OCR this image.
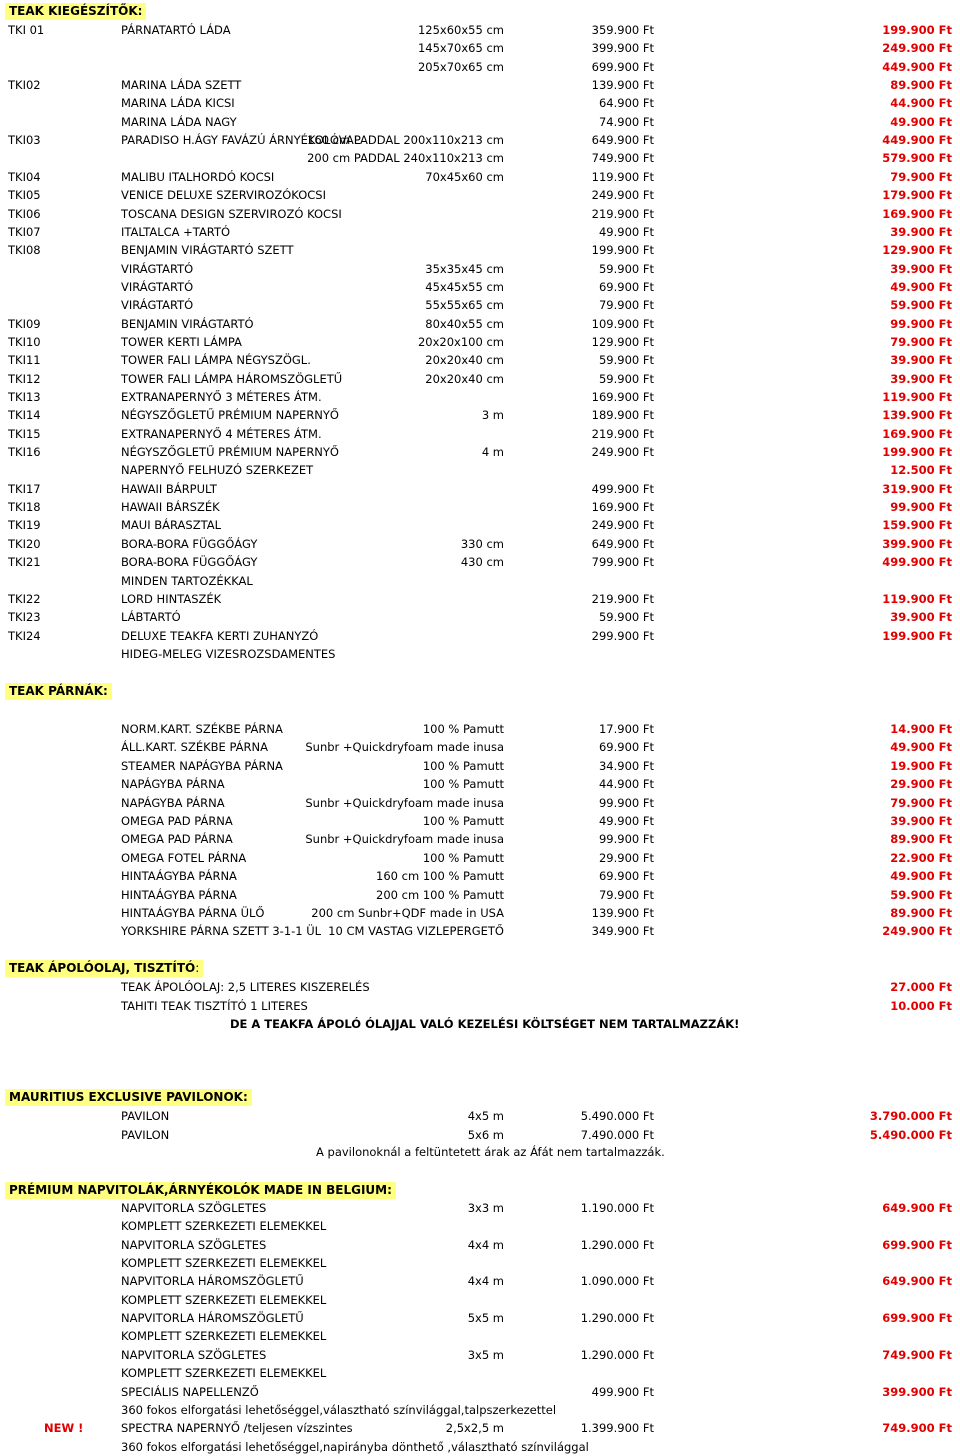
TEAK KIEGÉSZÍTŐK:
TKI 01	PÁRNATARTÓ LÁDA	125x60x55 cm	359.900 Ft	199.900 Ft
145x70x65 cm	399.900 Ft	249.900 Ft
205x70x65 cm	699.900 Ft	449.900 Ft
TKI02	MARINA LÁDA SZETT	139.900 Ft	89.900 Ft
MARINA LÁDA KICSI	64.900 Ft	44.900 Ft
MARINA LÁDA NAGY	74.900 Ft	49.900 Ft
TKI03	PARADISO H.ÁGY FAVÁZÚ ÁRNYÉKOLÓVAL
160 cm PADDAL 200x110x213 cm	649.900 Ft	449.900 Ft
200 cm PADDAL 240x110x213 cm	749.900 Ft	579.900 Ft
TKI04	MALIBU ITALHORDÓ KOCSI	70x45x60 cm	119.900 Ft	79.900 Ft
TKI05	VENICE DELUXE SZERVIROZÓKOCSI	249.900 Ft	179.900 Ft
TKI06	TOSCANA DESIGN SZERVIROZÓ KOCSI	219.900 Ft	169.900 Ft
TKI07	ITALTALCA +TARTÓ	49.900 Ft	39.900 Ft
TKI08	BENJAMIN VIRÁGTARTÓ SZETT	199.900 Ft	129.900 Ft
VIRÁGTARTÓ	35x35x45 cm	59.900 Ft	39.900 Ft
VIRÁGTARTÓ	45x45x55 cm	69.900 Ft	49.900 Ft
VIRÁGTARTÓ	55x55x65 cm	79.900 Ft	59.900 Ft
TKI09	BENJAMIN VIRÁGTARTÓ	80x40x55 cm	109.900 Ft	99.900 Ft
TKI10	TOWER KERTI LÁMPA	20x20x100 cm	129.900 Ft	79.900 Ft
TKI11	TOWER FALI LÁMPA NÉGYSZÖGL.	20x20x40 cm	59.900 Ft	39.900 Ft
TKI12	TOWER FALI LÁMPA HÁROMSZÖGLETŰ	20x20x40 cm	59.900 Ft	39.900 Ft
TKI13	EXTRANAPERNYŐ 3 MÉTERES ÁTM.	169.900 Ft	119.900 Ft
TKI14	NÉGYSZŐGLETŰ PRÉMIUM NAPERNYŐ	3 m	189.900 Ft	139.900 Ft
TKI15	EXTRANAPERNYŐ 4 MÉTERES ÁTM.	219.900 Ft	169.900 Ft
TKI16	NÉGYSZŐGLETŰ PRÉMIUM NAPERNYŐ	4 m	249.900 Ft	199.900 Ft
NAPERNYŐ FELHUZÓ SZERKEZET	12.500 Ft
TKI17	HAWAII BÁRPULT	499.900 Ft	319.900 Ft
TKI18	HAWAII BÁRSZÉK	169.900 Ft	99.900 Ft
TKI19	MAUI BÁRASZTAL	249.900 Ft	159.900 Ft
TKI20	BORA-BORA FÜGGŐÁGY	330 cm	649.900 Ft	399.900 Ft
TKI21	BORA-BORA FÜGGŐÁGY	430 cm	799.900 Ft	499.900 Ft
MINDEN TARTOZÉKKAL
TKI22	LORD HINTASZÉK	219.900 Ft	119.900 Ft
TKI23	LÁBTARTÓ	59.900 Ft	39.900 Ft
TKI24	DELUXE TEAKFA KERTI ZUHANYZÓ	299.900 Ft	199.900 Ft
HIDEG-MELEG VIZESROZSDAMENTES
TEAK PÁRNÁK:
NORM.KART. SZÉKBE PÁRNA	100 % Pamutt	17.900 Ft	14.900 Ft
ÁLL.KART. SZÉKBE PÁRNA	Sunbr +Quickdryfoam made inusa	69.900 Ft	49.900 Ft
STEAMER NAPÁGYBA PÁRNA	100 % Pamutt	34.900 Ft	19.900 Ft
NAPÁGYBA PÁRNA	100 % Pamutt	44.900 Ft	29.900 Ft
NAPÁGYBA PÁRNA	Sunbr +Quickdryfoam made inusa	99.900 Ft	79.900 Ft
OMEGA PAD PÁRNA	100 % Pamutt	49.900 Ft	39.900 Ft
OMEGA PAD PÁRNA	Sunbr +Quickdryfoam made inusa	99.900 Ft	89.900 Ft
OMEGA FOTEL PÁRNA	100 % Pamutt	29.900 Ft	22.900 Ft
HINTAÁGYBA PÁRNA	160 cm 100 % Pamutt	69.900 Ft	49.900 Ft
HINTAÁGYBA PÁRNA	200 cm 100 % Pamutt	79.900 Ft	59.900 Ft
HINTAÁGYBA PÁRNA ÜLŐ	200 cm Sunbr+QDF made in USA	139.900 Ft	89.900 Ft
YORKSHIRE PÁRNA SZETT 3-1-1 ÜL 10 CM VASTAG VIZLEPERGETŐ	349.900 Ft	249.900 Ft
TEAK ÁPOLÓOLAJ, TISZTÍTÓ:
TEAK ÁPOLÓOLAJ: 2,5 LITERES KISZERELÉS	27.000 Ft
TAHITI TEAK TISZTÍTÓ 1 LITERES	10.000 Ft
DE A TEAKFA ÁPOLÓ ÓLAJJAL VALÓ KEZELÉSI KÖLTSÉGET NEM TARTALMAZZÁK!
MAURITIUS EXCLUSIVE PAVILONOK:
PAVILON	4x5 m	5.490.000 Ft	3.790.000 Ft
PAVILON	5x6 m	7.490.000 Ft	5.490.000 Ft
A pavilonoknál a feltüntetett árak az Áfát nem tartalmazzák.
PRÉMIUM NAPVITOLÁK,ÁRNYÉKOLÓK MADE IN BELGIUM:
NAPVITORLA SZÖGLETES	3x3 m	1.190.000 Ft	649.900 Ft
KOMPLETT SZERKEZETI ELEMEKKEL
NAPVITORLA SZÖGLETES	4x4 m	1.290.000 Ft	699.900 Ft
KOMPLETT SZERKEZETI ELEMEKKEL
NAPVITORLA HÁROMSZÖGLETŰ	4x4 m	1.090.000 Ft	649.900 Ft
KOMPLETT SZERKEZETI ELEMEKKEL
NAPVITORLA HÁROMSZÖGLETŰ	5x5 m	1.290.000 Ft	699.900 Ft
KOMPLETT SZERKEZETI ELEMEKKEL
NAPVITORLA SZÖGLETES	3x5 m	1.290.000 Ft	749.900 Ft
KOMPLETT SZERKEZETI ELEMEKKEL
SPECIÁLIS NAPELLENZŐ	499.900 Ft	399.900 Ft
360 fokos elforgatási lehetőséggel,választható színvilággal,talpszerkezettel
NEW !	SPECTRA NAPERNYŐ /teljesen vízszintes	2,5x2,5 m	1.399.900 Ft	749.900 Ft
360 fokos elforgatási lehetőséggel,napirányba dönthető ,választható színvilággal
